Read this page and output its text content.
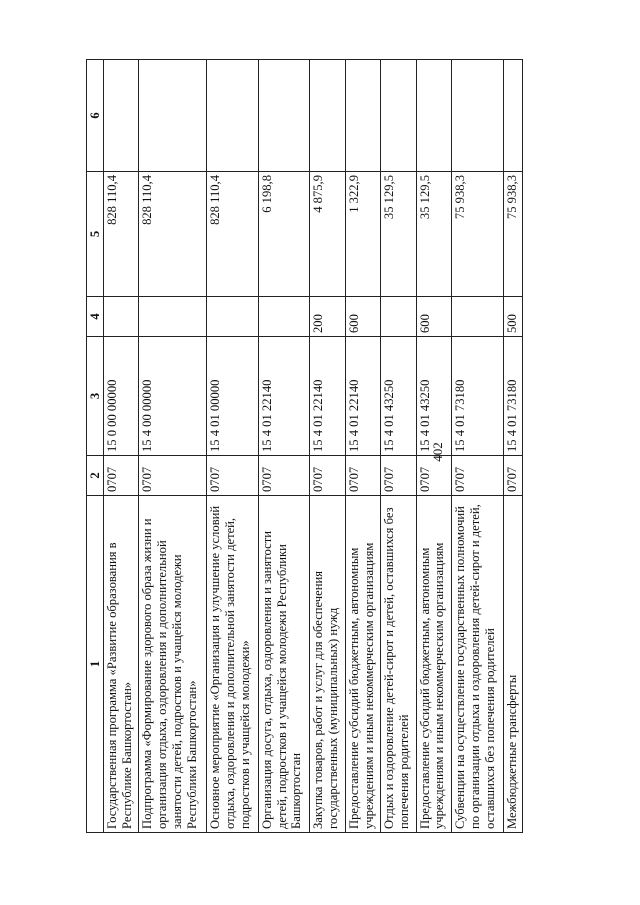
402
1	2	3	4	5	6
Государственная программа «Развитие образования в Республике Башкортостан»	0707	15 0 00 00000		828 110,4	
Подпрограмма «Формирование здорового образа жизни и организация отдыха, оздоровления и дополнительной занятости детей, подростков и учащейся молодежи Республики Башкортостан»	0707	15 4 00 00000		828 110,4	
Основное мероприятие «Организация и улучшение условий отдыха, оздоровления и дополнительной занятости детей, подростков и учащейся молодежи»	0707	15 4 01 00000		828 110,4	
Организация досуга, отдыха, оздоровления и занятости детей, подростков и учащейся молодежи Республики Башкортостан	0707	15 4 01 22140		6 198,8	
Закупка товаров, работ и услуг для обеспечения государственных (муниципальных) нужд	0707	15 4 01 22140	200	4 875,9	
Предоставление субсидий бюджетным, автономным учреждениям и иным некоммерческим организациям	0707	15 4 01 22140	600	1 322,9	
Отдых и оздоровление детей-сирот и детей, оставшихся без попечения родителей	0707	15 4 01 43250		35 129,5	
Предоставление субсидий бюджетным, автономным учреждениям и иным некоммерческим организациям	0707	15 4 01 43250	600	35 129,5	
Субвенции на осуществление государственных полномочий по организации отдыха и оздоровления детей-сирот и детей, оставшихся без попечения родителей	0707	15 4 01 73180		75 938,3	
Межбюджетные трансферты	0707	15 4 01 73180	500	75 938,3	
